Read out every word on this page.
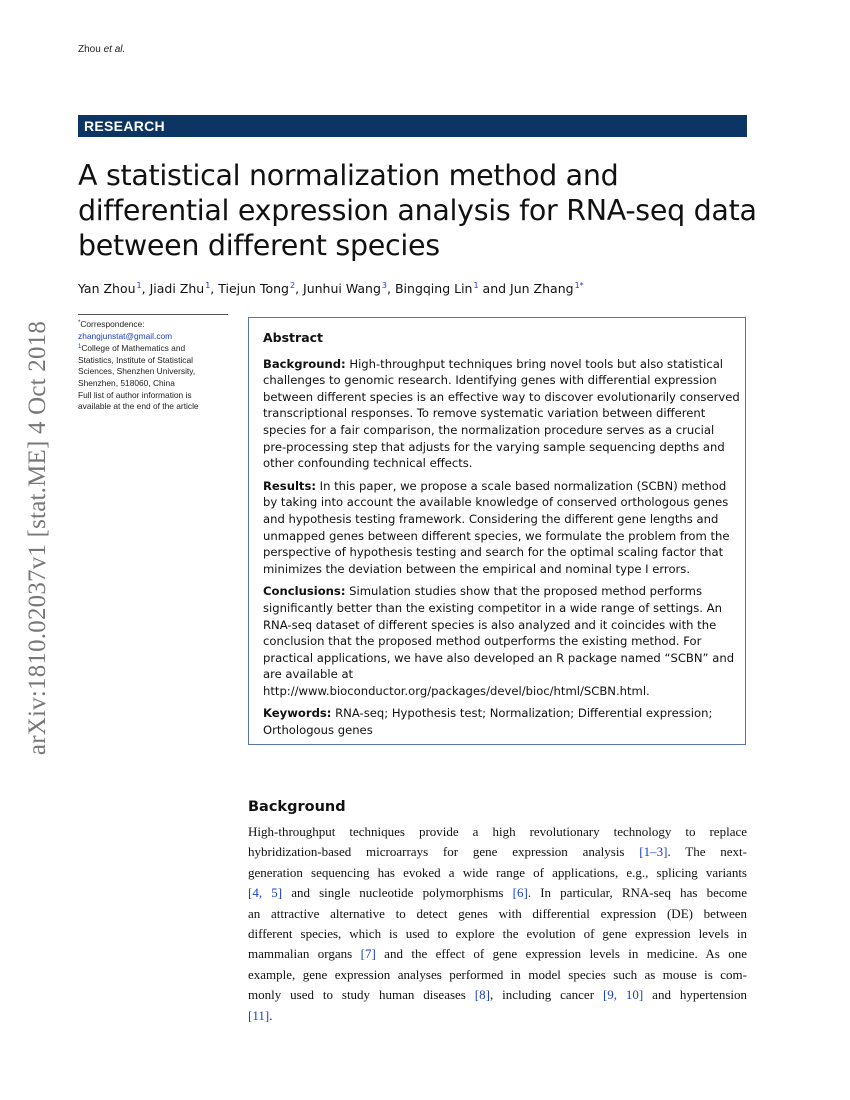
Zhou et al.
RESEARCH
A statistical normalization method and
differential expression analysis for RNA-seq data
between different species
Yan Zhou$^1$, Jiadi Zhu$^1$, Tiejun Tong$^2$, Junhui Wang$^3$, Bingqing Lin$^1$ and Jun Zhang$^{1*}$
arXiv:1810.02037v1 [stat.ME] 4 Oct 2018	*Correspondence:
zhangjunstat@gmail.com
$^1$College of Mathematics and
Statistics, Institute of Statistical
Sciences, Shenzhen University,
Shenzhen, 518060, China
Full list of author information is
available at the end of the article
Abstract
Background: High-throughput techniques bring novel tools but also statistical
challenges to genomic research. Identifying genes with differential expression
between different species is an effective way to discover evolutionarily conserved
transcriptional responses. To remove systematic variation between different
species for a fair comparison, the normalization procedure serves as a crucial
pre-processing step that adjusts for the varying sample sequencing depths and
other confounding technical effects.
Results: In this paper, we propose a scale based normalization (SCBN) method
by taking into account the available knowledge of conserved orthologous genes
and hypothesis testing framework. Considering the different gene lengths and
unmapped genes between different species, we formulate the problem from the
perspective of hypothesis testing and search for the optimal scaling factor that
minimizes the deviation between the empirical and nominal type I errors.
Conclusions: Simulation studies show that the proposed method performs
significantly better than the existing competitor in a wide range of settings. An
RNA-seq dataset of different species is also analyzed and it coincides with the
conclusion that the proposed method outperforms the existing method. For
practical applications, we have also developed an R package named “SCBN” and
are available at
http://www.bioconductor.org/packages/devel/bioc/html/SCBN.html.
Keywords: RNA-seq; Hypothesis test; Normalization; Differential expression;
Orthologous genes
Background
High-throughput techniques provide a high revolutionary technology to replace
hybridization-based microarrays for gene expression analysis [1–3]. The next-
generation sequencing has evoked a wide range of applications, e.g., splicing variants
[4, 5] and single nucleotide polymorphisms [6]. In particular, RNA-seq has become
an attractive alternative to detect genes with differential expression (DE) between
different species, which is used to explore the evolution of gene expression levels in
mammalian organs [7] and the effect of gene expression levels in medicine. As one
example, gene expression analyses performed in model species such as mouse is com-
monly used to study human diseases [8], including cancer [9, 10] and hypertension
[11].
